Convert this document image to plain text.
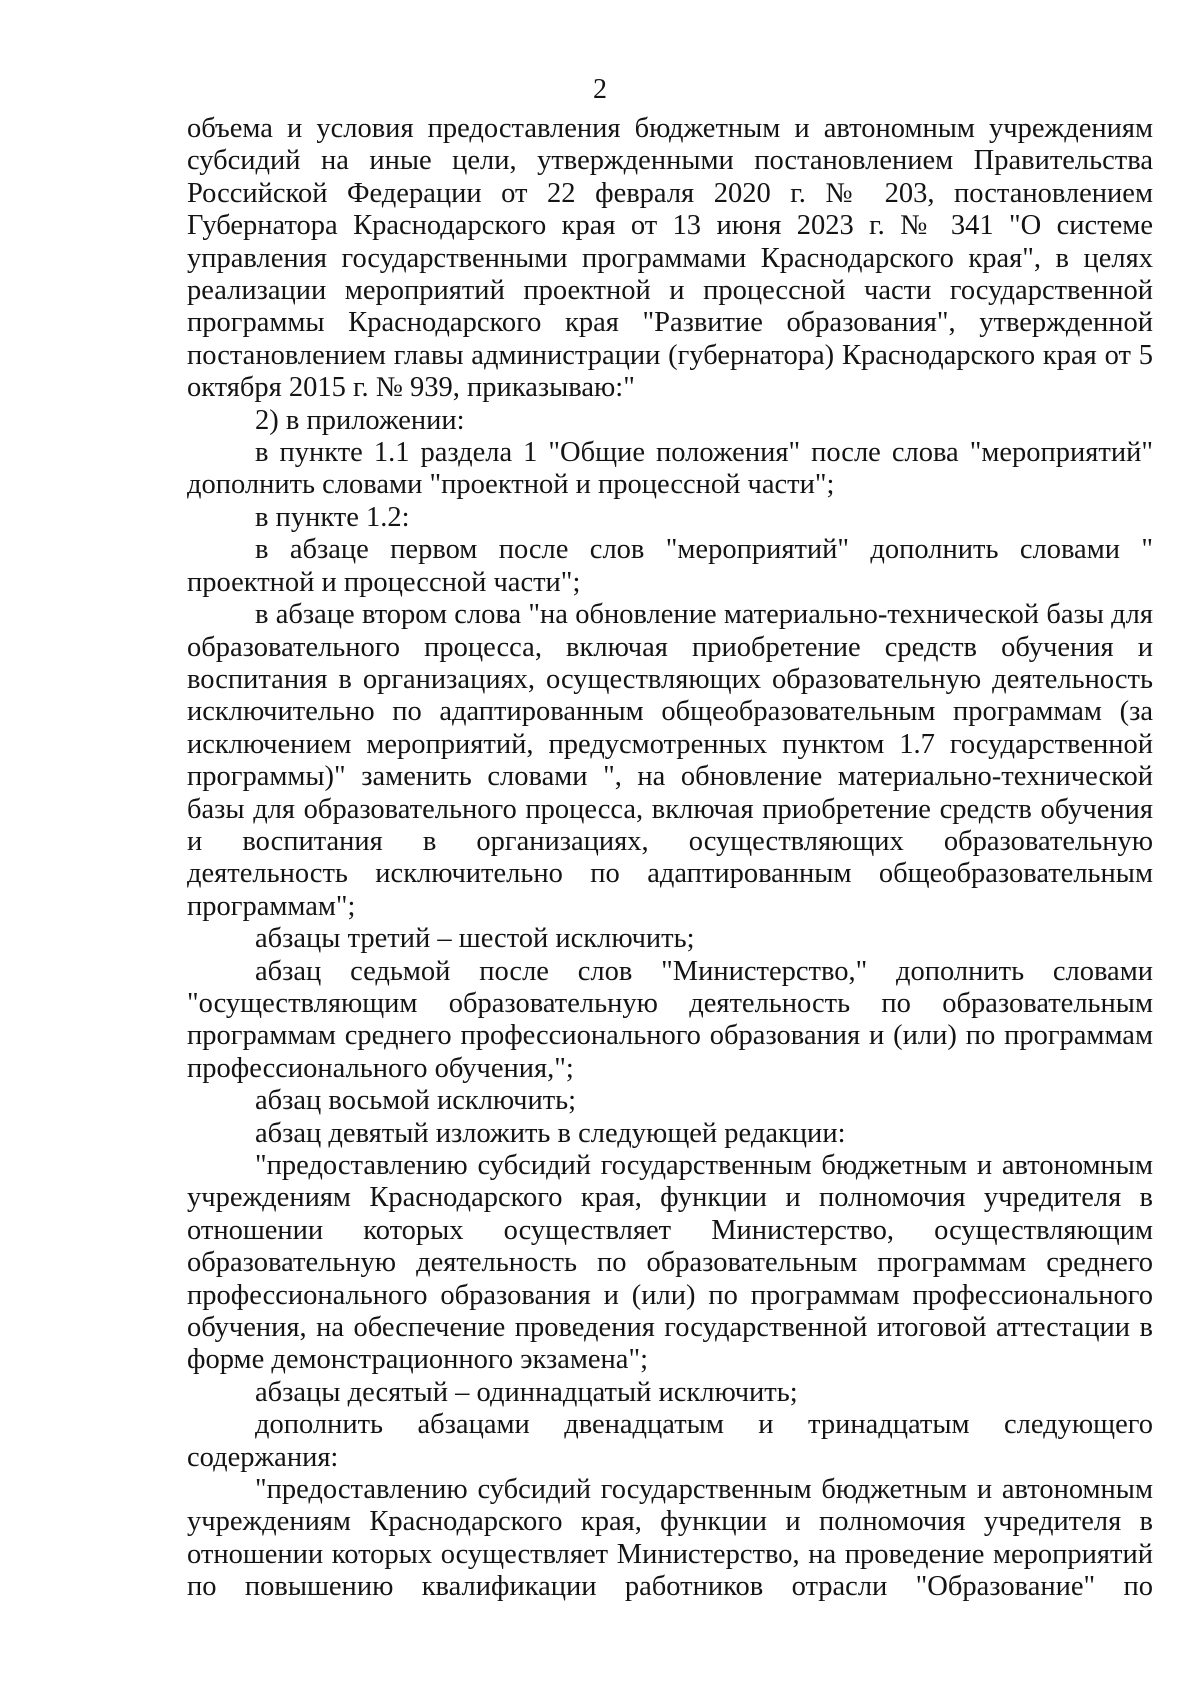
2

объема и условия предоставления бюджетным и автономным учреждениям субсидий на иные цели, утвержденными постановлением Правительства Российской Федерации от 22 февраля 2020 г. № 203, постановлением Губернатора Краснодарского края от 13 июня 2023 г. № 341 "О системе управления государственными программами Краснодарского края", в целях реализации мероприятий проектной и процессной части государственной программы Краснодарского края "Развитие образования", утвержденной постановлением главы администрации (губернатора) Краснодарского края от 5 октября 2015 г. № 939, приказываю:"

2) в приложении:

в пункте 1.1 раздела 1 "Общие положения" после слова "мероприятий" дополнить словами "проектной и процессной части";

в пункте 1.2:

в абзаце первом после слов "мероприятий" дополнить словами " проектной и процессной части";

в абзаце втором слова "на обновление материально-технической базы для образовательного процесса, включая приобретение средств обучения и воспитания в организациях, осуществляющих образовательную деятельность исключительно по адаптированным общеобразовательным программам (за исключением мероприятий, предусмотренных пунктом 1.7 государственной программы)" заменить словами ", на обновление материально-технической базы для образовательного процесса, включая приобретение средств обучения и воспитания в организациях, осуществляющих образовательную деятельность исключительно по адаптированным общеобразовательным программам";

абзацы третий – шестой исключить;

абзац седьмой после слов "Министерство," дополнить словами "осуществляющим образовательную деятельность по образовательным программам среднего профессионального образования и (или) по программам профессионального обучения,";

абзац восьмой исключить;

абзац девятый изложить в следующей редакции:

"предоставлению субсидий государственным бюджетным и автономным учреждениям Краснодарского края, функции и полномочия учредителя в отношении которых осуществляет Министерство, осуществляющим образовательную деятельность по образовательным программам среднего профессионального образования и (или) по программам профессионального обучения, на обеспечение проведения государственной итоговой аттестации в форме демонстрационного экзамена";

абзацы десятый – одиннадцатый исключить;

дополнить абзацами двенадцатым и тринадцатым следующего содержания:

"предоставлению субсидий государственным бюджетным и автономным учреждениям Краснодарского края, функции и полномочия учредителя в отношении которых осуществляет Министерство, на проведение мероприятий по повышению квалификации работников отрасли "Образование" по
